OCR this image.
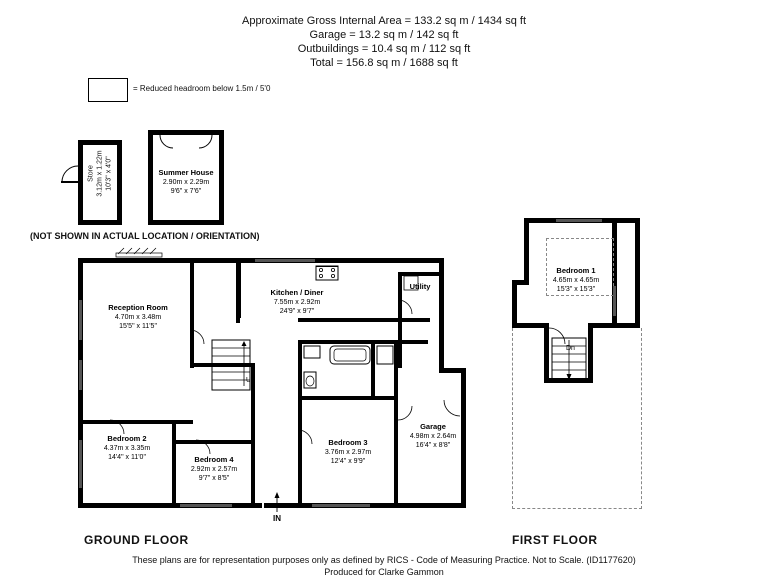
Approximate Gross Internal Area = 133.2 sq m / 1434 sq ft
Garage = 13.2 sq m / 142 sq ft
Outbuildings = 10.4 sq m / 112 sq ft
Total = 156.8 sq m / 1688 sq ft
= Reduced headroom below 1.5m / 5'0
(NOT SHOWN IN ACTUAL LOCATION / ORIENTATION)
Store 3.12m x 1.22m 10'3" x 4'0"	Summer House
2.90m x 2.29m
9'6" x 7'6"
IN
Up
Reception Room
4.70m x 3.48m
15'5" x 11'5"
Kitchen / Diner
7.55m x 2.92m
24'9" x 9'7"
Utility
Bedroom 2
4.37m x 3.35m
14'4" x 11'0"	Bedroom 4
2.92m x 2.57m
9'7" x 8'5"
Bedroom 3
3.76m x 2.97m
12'4" x 9'9"
Garage
4.98m x 2.64m
16'4" x 8'8"
Dn
Bedroom 1
4.65m x 4.65m
15'3" x 15'3"
GROUND FLOOR	FIRST FLOOR
These plans are for representation purposes only as defined by RICS - Code of Measuring Practice. Not to Scale. (ID1177620)
Produced for Clarke Gammon
